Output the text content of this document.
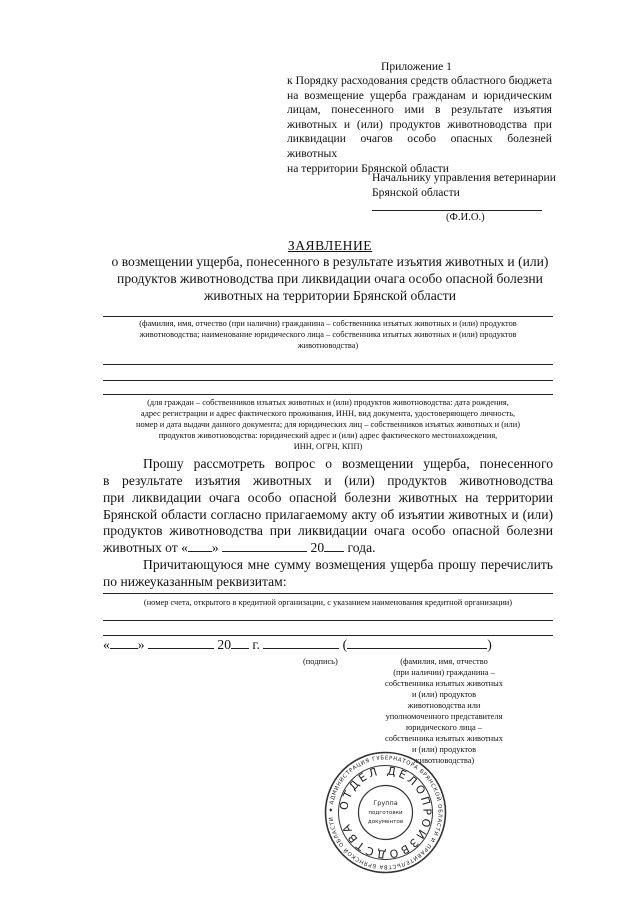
Приложение 1

к Порядку расходования средств областного бюджета

на возмещение ущерба гражданам и юридическим

лицам, понесенного ими в результате изъятия

животных и (или) продуктов животноводства при

ликвидации очагов особо опасных болезней животных

на территории Брянской области

Начальнику управления ветеринарии
Брянской области
(Ф.И.О.)
ЗАЯВЛЕНИЕ
о возмещении ущерба, понесенного в результате изъятия животных и (или)
продуктов животноводства при ликвидации очага особо опасной болезни
животных на территории Брянской области
(фамилия, имя, отчество (при наличии) гражданина – собственника изъятых животных и (или) продуктов
животноводства; наименование юридического лица – собственника изъятых животных и (или) продуктов
животноводства)
(для граждан – собственников изъятых животных и (или) продуктов животноводства: дата рождения,
адрес регистрации и адрес фактического проживания, ИНН, вид документа, удостоверяющего личность,
номер и дата выдачи данного документа; для юридических лиц – собственников изъятых животных и (или)
продуктов животноводства: юридический адрес и (или) адрес фактического местонахождения,
ИНН, ОГРН, КПП)
Прошу рассмотреть вопрос о возмещении ущерба, понесенного
в результате изъятия животных и (или) продуктов животноводства
при ликвидации очага особо опасной болезни животных на территории
Брянской области согласно прилагаемому акту об изъятии животных и (или)
продуктов животноводства при ликвидации очага особо опасной болезни
животных от « »	20 года.
Причитающуюся мне сумму возмещения ущерба прошу перечислить
по нижеуказанным реквизитам:
(номер счета, открытого в кредитной организации, с указанием наименования кредитной организации)
« »	20 г.	(	)
(подпись)	(фамилия, имя, отчество
(при наличии) гражданина –
собственника изъятых животных
и (или) продуктов
животноводства или
уполномоченного представителя
юридического лица –
собственника изъятых животных
и (или) продуктов
животноводства)
★ АДМИНИСТРАЦИЯ ГУБЕРНАТОРА БРЯНСКОЙ ОБЛАСТИ И ПРАВИТЕЛЬСТВА БРЯНСКОЙ ОБЛАСТИ
ОТДЕЛ ДЕЛОПРОИЗВОДСТВА
Группа
подготовки
документов
